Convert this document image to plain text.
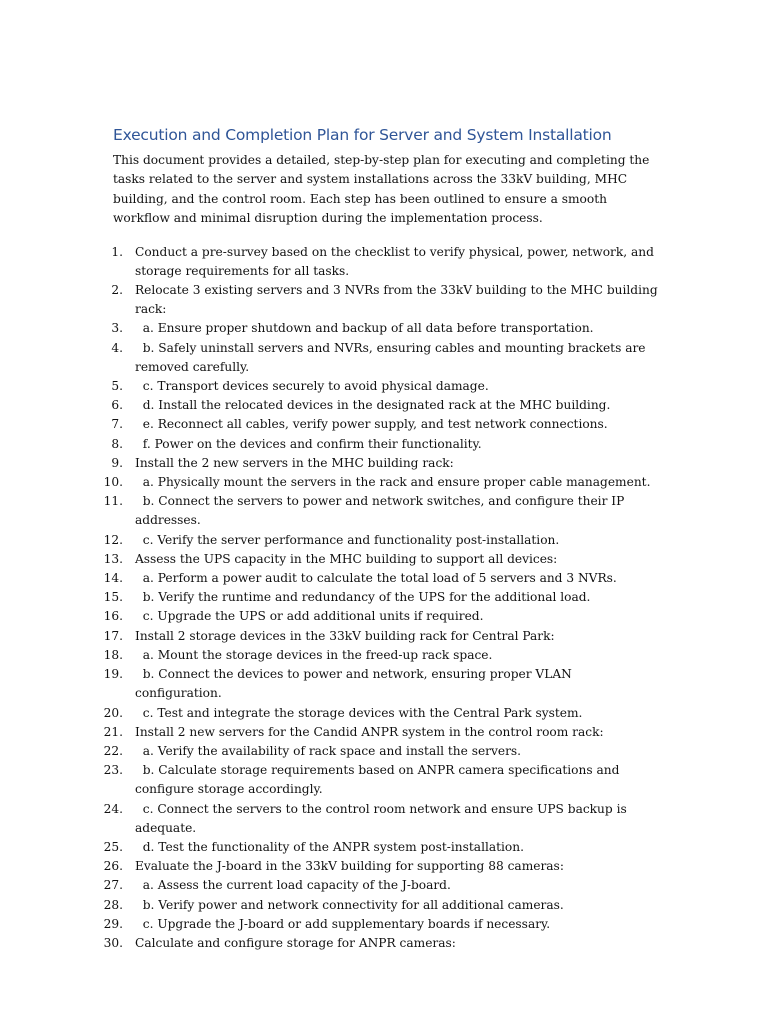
Execution and Completion Plan for Server and System Installation

This document provides a detailed, step-by-step plan for executing and completing the tasks related to the server and system installations across the 33kV building, MHC building, and the control room. Each step has been outlined to ensure a smooth workflow and minimal disruption during the implementation process.

1. Conduct a pre-survey based on the checklist to verify physical, power, network, and storage requirements for all tasks.
2. Relocate 3 existing servers and 3 NVRs from the 33kV building to the MHC building rack:
3. a. Ensure proper shutdown and backup of all data before transportation.
4. b. Safely uninstall servers and NVRs, ensuring cables and mounting brackets are removed carefully.
5. c. Transport devices securely to avoid physical damage.
6. d. Install the relocated devices in the designated rack at the MHC building.
7. e. Reconnect all cables, verify power supply, and test network connections.
8. f. Power on the devices and confirm their functionality.
9. Install the 2 new servers in the MHC building rack:
10. a. Physically mount the servers in the rack and ensure proper cable management.
11. b. Connect the servers to power and network switches, and configure their IP addresses.
12. c. Verify the server performance and functionality post-installation.
13. Assess the UPS capacity in the MHC building to support all devices:
14. a. Perform a power audit to calculate the total load of 5 servers and 3 NVRs.
15. b. Verify the runtime and redundancy of the UPS for the additional load.
16. c. Upgrade the UPS or add additional units if required.
17. Install 2 storage devices in the 33kV building rack for Central Park:
18. a. Mount the storage devices in the freed-up rack space.
19. b. Connect the devices to power and network, ensuring proper VLAN configuration.
20. c. Test and integrate the storage devices with the Central Park system.
21. Install 2 new servers for the Candid ANPR system in the control room rack:
22. a. Verify the availability of rack space and install the servers.
23. b. Calculate storage requirements based on ANPR camera specifications and configure storage accordingly.
24. c. Connect the servers to the control room network and ensure UPS backup is adequate.
25. d. Test the functionality of the ANPR system post-installation.
26. Evaluate the J-board in the 33kV building for supporting 88 cameras:
27. a. Assess the current load capacity of the J-board.
28. b. Verify power and network connectivity for all additional cameras.
29. c. Upgrade the J-board or add supplementary boards if necessary.
30. Calculate and configure storage for ANPR cameras:
